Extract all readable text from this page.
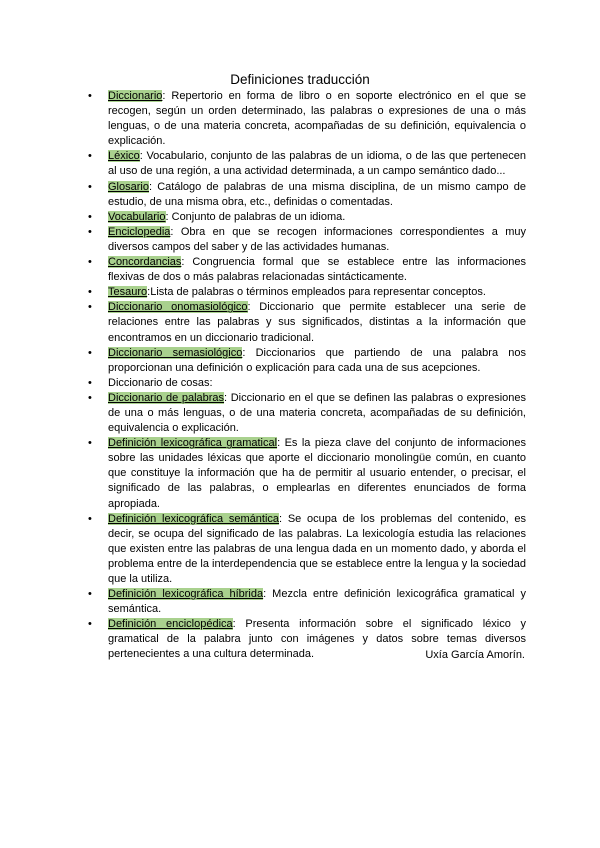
Definiciones traducción
• Diccionario: Repertorio en forma de libro o en soporte electrónico en el que se recogen, según un orden determinado, las palabras o expresiones de una o más lenguas, o de una materia concreta, acompañadas de su definición, equivalencia o explicación.
• Léxico: Vocabulario, conjunto de las palabras de un idioma, o de las que pertenecen al uso de una región, a una actividad determinada, a un campo semántico dado...
• Glosario: Catálogo de palabras de una misma disciplina, de un mismo campo de estudio, de una misma obra, etc., definidas o comentadas.
• Vocabulario: Conjunto de palabras de un idioma.
• Enciclopedia: Obra en que se recogen informaciones correspondientes a muy diversos campos del saber y de las actividades humanas.
• Concordancias: Congruencia formal que se establece entre las informaciones flexivas de dos o más palabras relacionadas sintácticamente.
• Tesauro:Lista de palabras o términos empleados para representar conceptos.
• Diccionario onomasiológico: Diccionario que permite establecer una serie de relaciones entre las palabras y sus significados, distintas a la información que encontramos en un diccionario tradicional.
• Diccionario semasiológico: Diccionarios que partiendo de una palabra nos proporcionan una definición o explicación para cada una de sus acepciones.
• Diccionario de cosas:
• Diccionario de palabras: Diccionario en el que se definen las palabras o expresiones de una o más lenguas, o de una materia concreta, acompañadas de su definición, equivalencia o explicación.
• Definición lexicográfica gramatical: Es la pieza clave del conjunto de informaciones sobre las unidades léxicas que aporte el diccionario monolingüe común, en cuanto que constituye la información que ha de permitir al usuario entender, o precisar, el significado de las palabras, o emplearlas en diferentes enunciados de forma apropiada.
• Definición lexicográfica semántica: Se ocupa de los problemas del contenido, es decir, se ocupa del significado de las palabras. La lexicología estudia las relaciones que existen entre las palabras de una lengua dada en un momento dado, y aborda el problema entre de la interdependencia que se establece entre la lengua y la sociedad que la utiliza.
• Definición lexicográfica híbrida: Mezcla entre definición lexicográfica gramatical y semántica.
• Definición enciclopédica: Presenta información sobre el significado léxico y gramatical de la palabra junto con imágenes y datos sobre temas diversos pertenecientes a una cultura determinada.	Uxía García Amorín.
